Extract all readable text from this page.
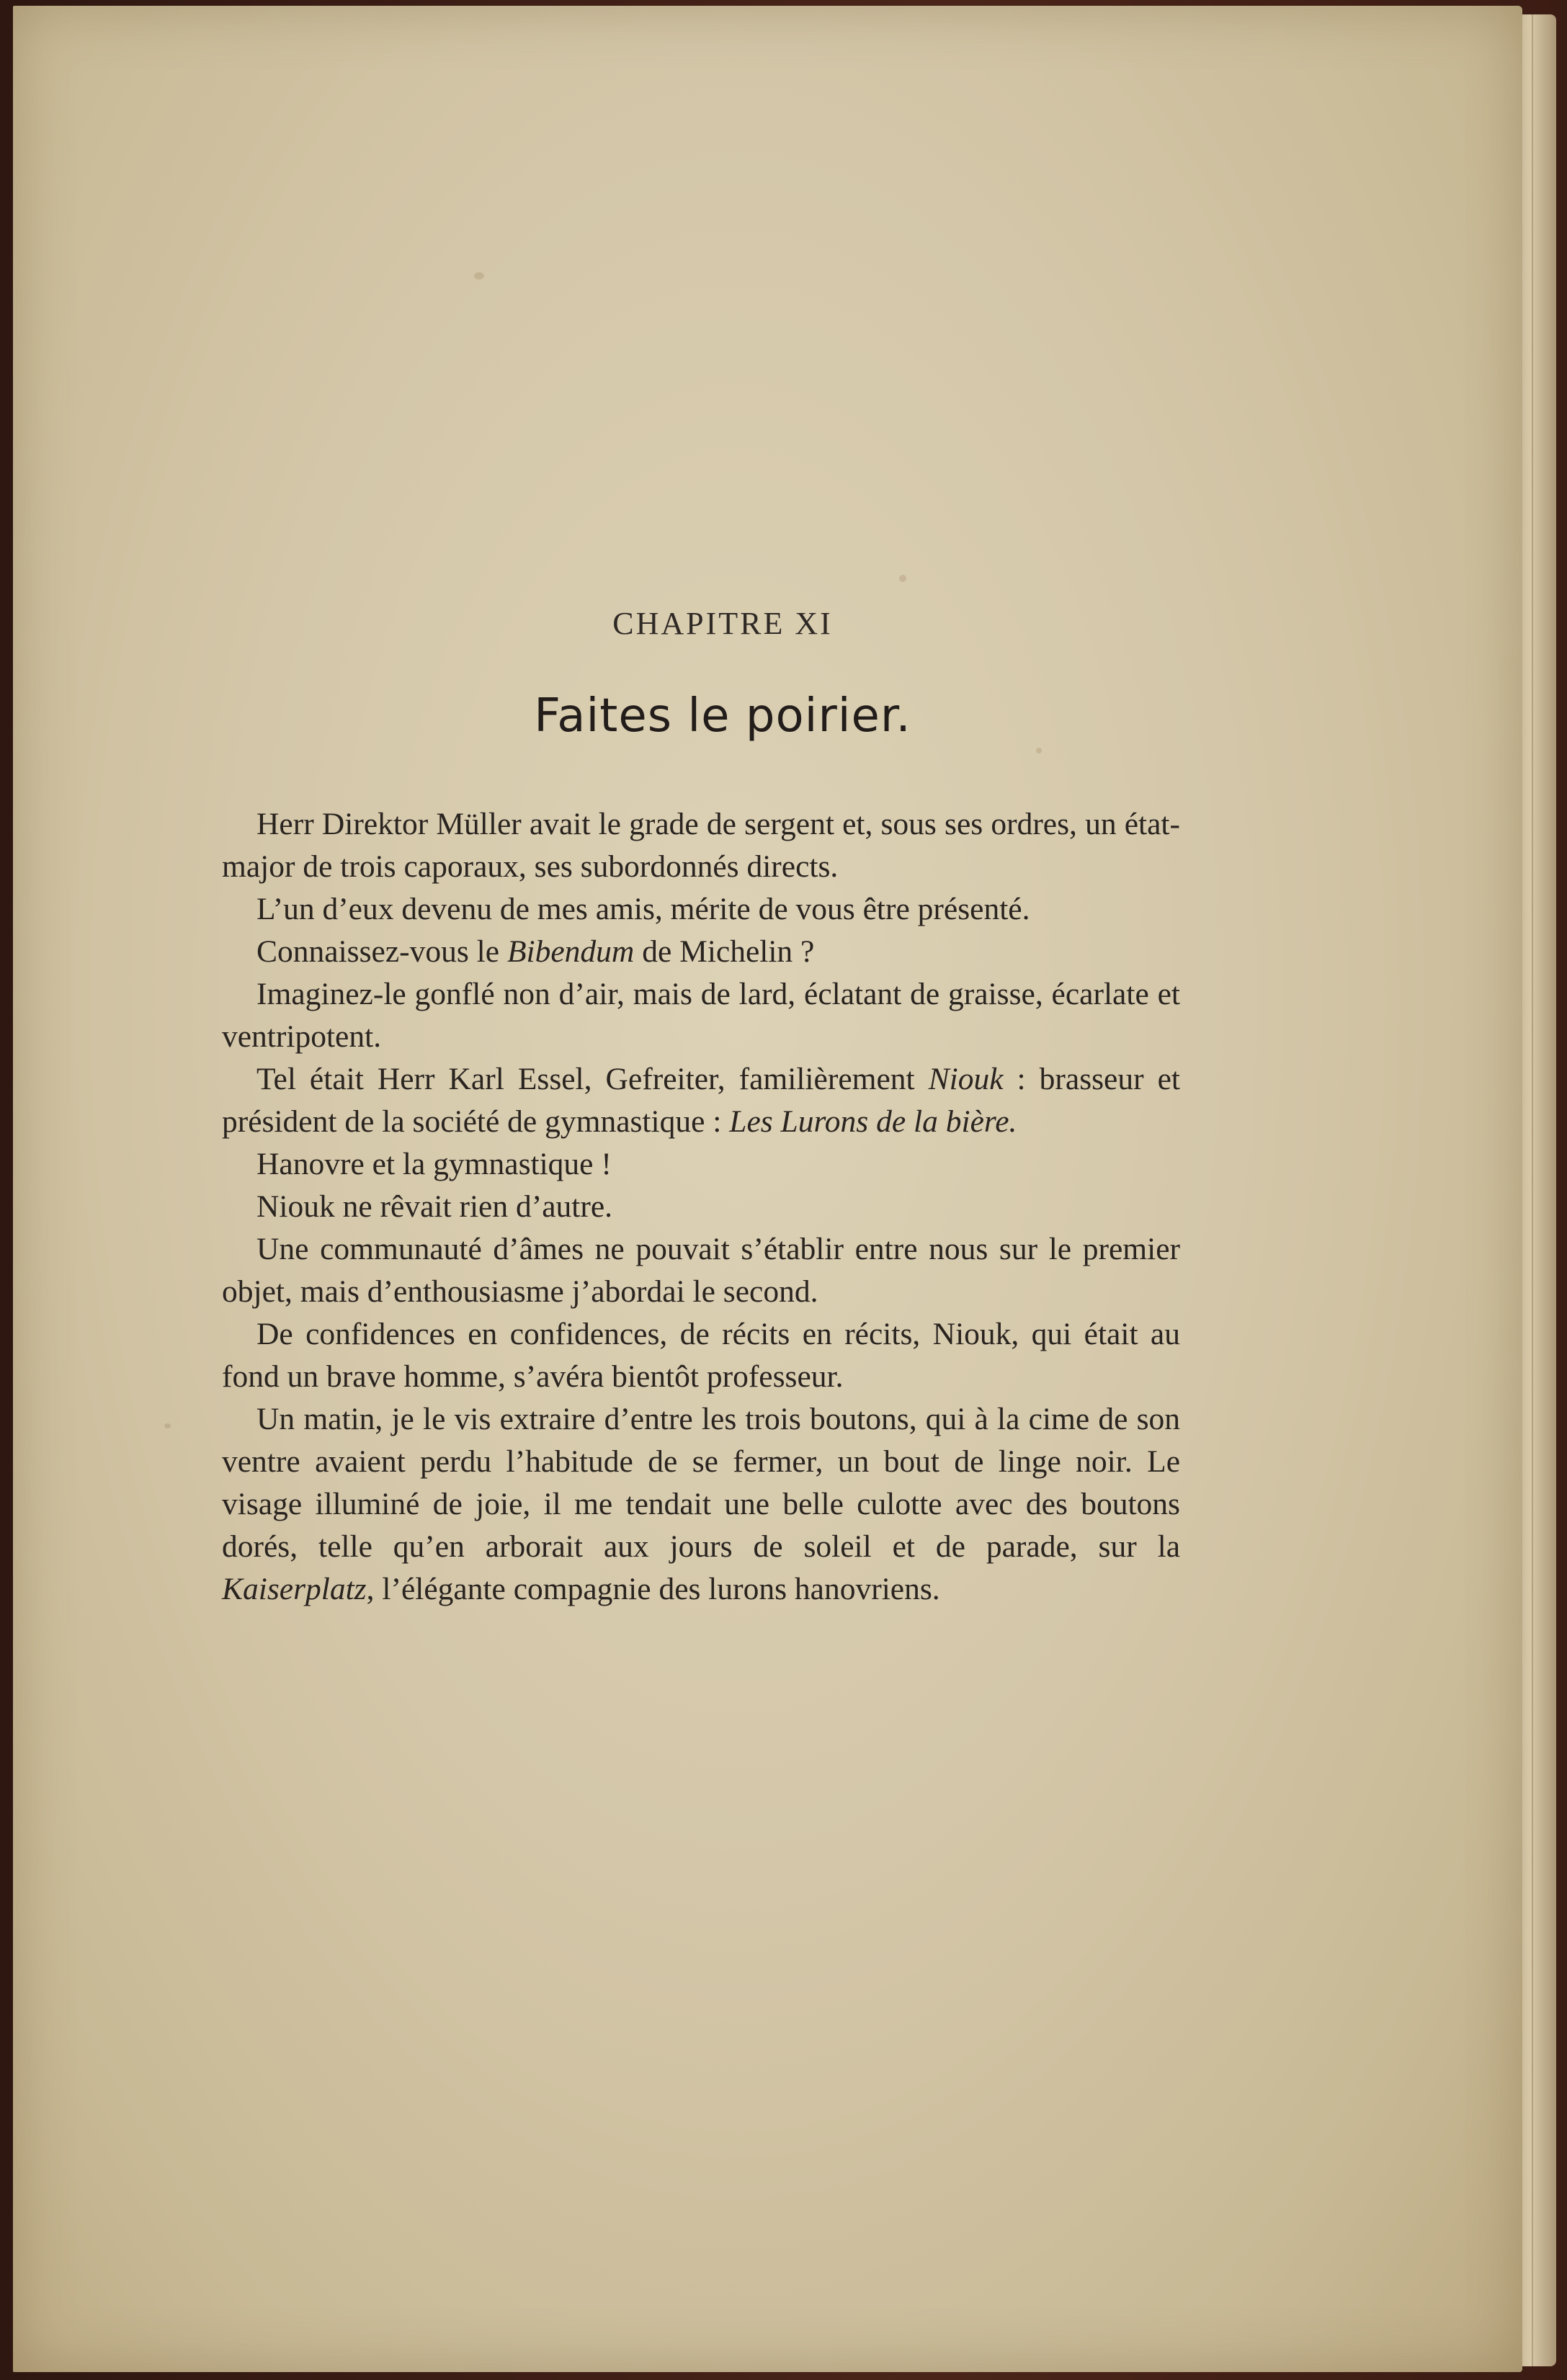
CHAPITRE XI

Faites le poirier.

Herr Direktor Müller avait le grade de sergent et, sous ses ordres, un état-major de trois caporaux, ses subordonnés directs.

L’un d’eux devenu de mes amis, mérite de vous être présenté.

Connaissez-vous le Bibendum de Michelin ?

Imaginez-le gonflé non d’air, mais de lard, éclatant de graisse, écarlate et ventripotent.

Tel était Herr Karl Essel, Gefreiter, familièrement Niouk : brasseur et président de la société de gymnastique : Les Lurons de la bière.

Hanovre et la gymnastique !

Niouk ne rêvait rien d’autre.

Une communauté d’âmes ne pouvait s’établir entre nous sur le premier objet, mais d’enthousiasme j’abordai le second.

De confidences en confidences, de récits en récits, Niouk, qui était au fond un brave homme, s’avéra bientôt professeur.

Un matin, je le vis extraire d’entre les trois boutons, qui à la cime de son ventre avaient perdu l’habitude de se fermer, un bout de linge noir. Le visage illuminé de joie, il me tendait une belle culotte avec des boutons dorés, telle qu’en arborait aux jours de soleil et de parade, sur la Kaiserplatz, l’élégante compagnie des lurons hanovriens.
